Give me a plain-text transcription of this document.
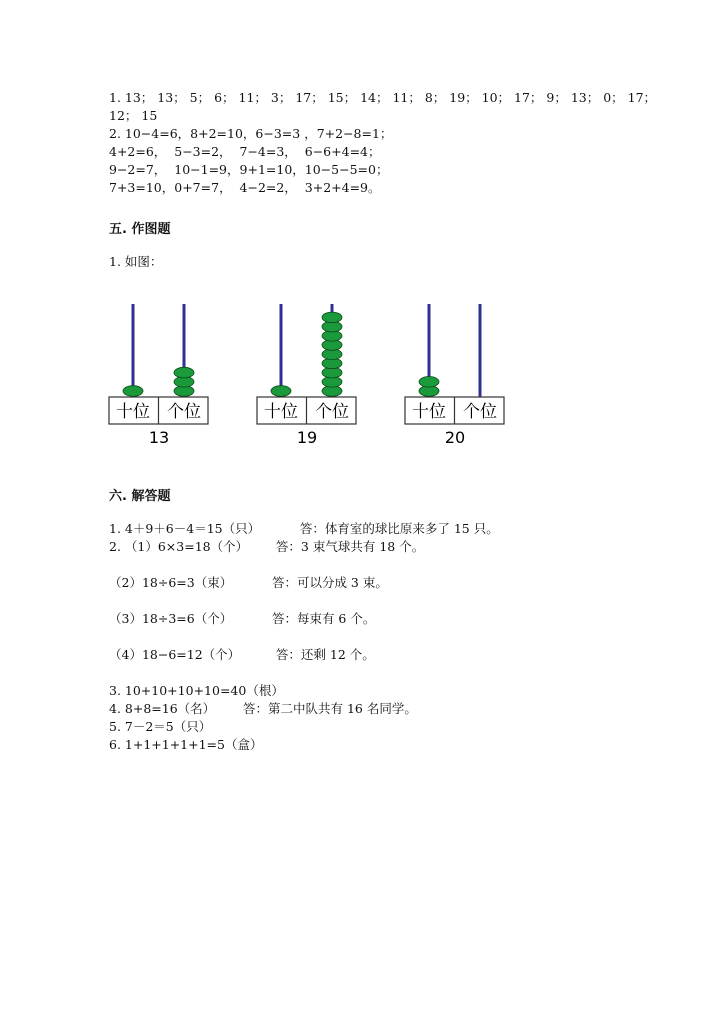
1. 13； 13； 5； 6； 11； 3； 17； 15； 14； 11； 8； 19； 10； 17； 9； 13； 0； 17；
12； 15
2. 10−4=6，8+2=10，6−3=3 ，7+2−8=1；
4+2=6，  5−3=2，  7−4=3，  6−6+4=4；
9−2=7，  10−1=9，9+1=10，10−5−5=0；
7+3=10，0+7=7，  4−2=2，  3+2+4=9。
五. 作图题
1. 如图：
十位 个位
13
十位 个位
19
十位 个位
20
六. 解答题
1. 4＋9＋6－4＝15（只）          答：体育室的球比原来多了 15 只。
2. （1）6×3=18（个）       答：3 束气球共有 18 个。
（2）18÷6=3（束）          答：可以分成 3 束。
（3）18÷3=6（个）          答：每束有 6 个。
（4）18−6=12（个）         答：还剩 12 个。
3. 10+10+10+10=40（根）
4. 8+8=16（名）       答：第二中队共有 16 名同学。
5. 7－2＝5（只）
6. 1+1+1+1+1=5（盒）
